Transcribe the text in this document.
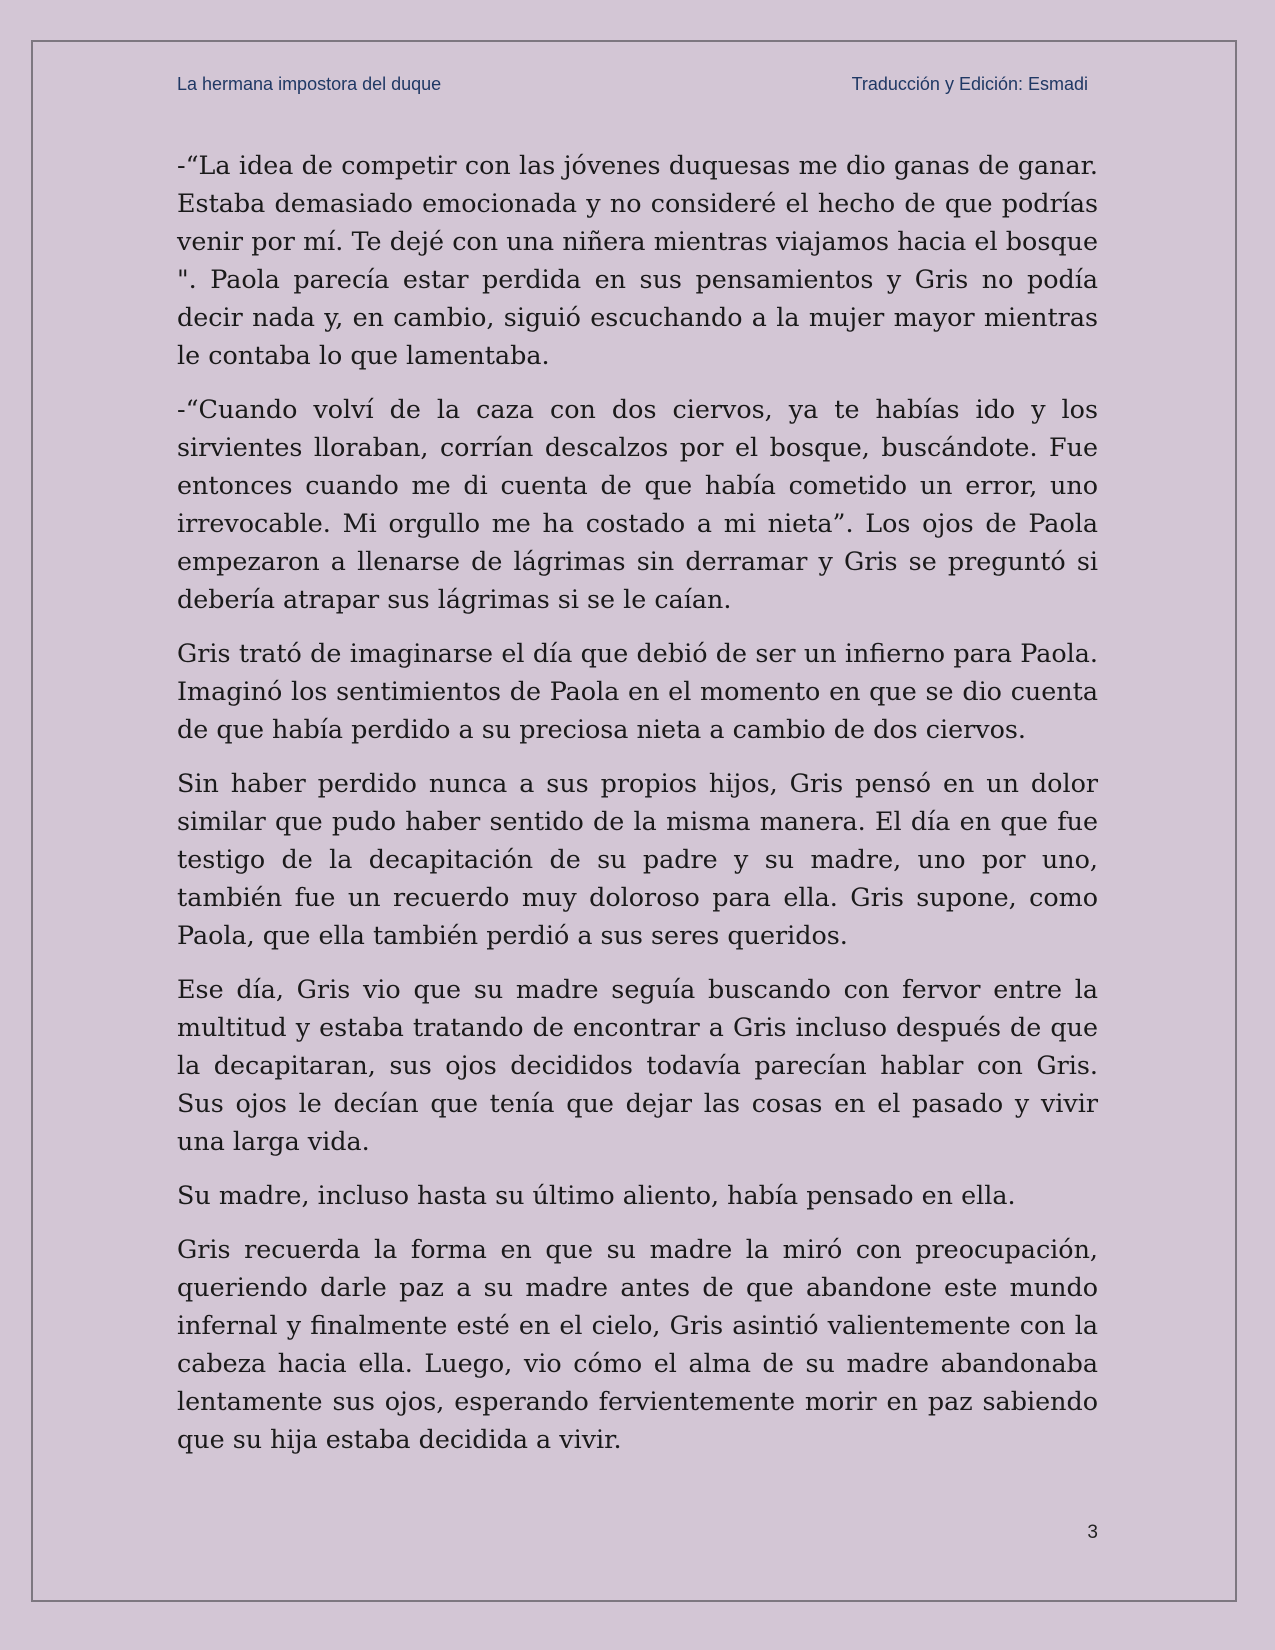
La hermana impostora del duque	Traducción y Edición: Esmadi

-“La idea de competir con las jóvenes duquesas me dio ganas de ganar. Estaba demasiado emocionada y no consideré el hecho de que podrías venir por mí. Te dejé con una niñera mientras viajamos hacia el bosque ". Paola parecía estar perdida en sus pensamientos y Gris no podía decir nada y, en cambio, siguió escuchando a la mujer mayor mientras le contaba lo que lamentaba.

-“Cuando volví de la caza con dos ciervos, ya te habías ido y los sirvientes lloraban, corrían descalzos por el bosque, buscándote. Fue entonces cuando me di cuenta de que había cometido un error, uno irrevocable. Mi orgullo me ha costado a mi nieta”. Los ojos de Paola empezaron a llenarse de lágrimas sin derramar y Gris se preguntó si debería atrapar sus lágrimas si se le caían.

Gris trató de imaginarse el día que debió de ser un infierno para Paola. Imaginó los sentimientos de Paola en el momento en que se dio cuenta de que había perdido a su preciosa nieta a cambio de dos ciervos.

Sin haber perdido nunca a sus propios hijos, Gris pensó en un dolor similar que pudo haber sentido de la misma manera. El día en que fue testigo de la decapitación de su padre y su madre, uno por uno, también fue un recuerdo muy doloroso para ella. Gris supone, como Paola, que ella también perdió a sus seres queridos.

Ese día, Gris vio que su madre seguía buscando con fervor entre la multitud y estaba tratando de encontrar a Gris incluso después de que la decapitaran, sus ojos decididos todavía parecían hablar con Gris. Sus ojos le decían que tenía que dejar las cosas en el pasado y vivir una larga vida.

Su madre, incluso hasta su último aliento, había pensado en ella.

Gris recuerda la forma en que su madre la miró con preocupación, queriendo darle paz a su madre antes de que abandone este mundo infernal y finalmente esté en el cielo, Gris asintió valientemente con la cabeza hacia ella. Luego, vio cómo el alma de su madre abandonaba lentamente sus ojos, esperando fervientemente morir en paz sabiendo que su hija estaba decidida a vivir.

3
